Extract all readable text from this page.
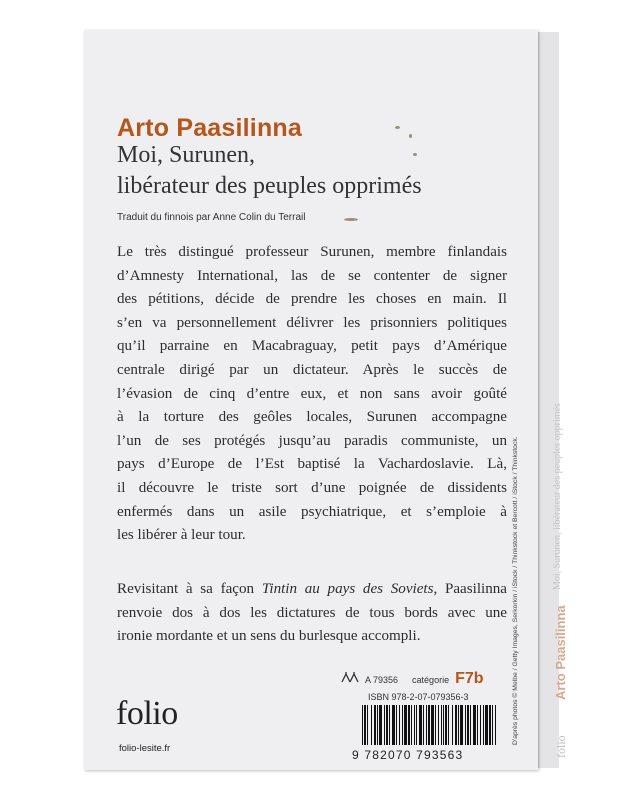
Moi, Surunen, libérateur des peuples opprimés
Arto Paasilinna
folio
Arto Paasilinna
Moi, Surunen,
libérateur des peuples opprimés
Traduit du finnois par Anne Colin du Terrail
Le très distingué professeur Surunen, membre finlandais
d’Amnesty International, las de se contenter de signer
des pétitions, décide de prendre les choses en main. Il
s’en va personnellement délivrer les prisonniers politiques
qu’il parraine en Macabraguay, petit pays d’Amérique
centrale dirigé par un dictateur. Après le succès de
l’évasion de cinq d’entre eux, et non sans avoir goûté
à la torture des geôles locales, Surunen accompagne
l’un de ses protégés jusqu’au paradis communiste, un
pays d’Europe de l’Est baptisé la Vachardoslavie. Là,
il découvre le triste sort d’une poignée de dissidents
enfermés dans un asile psychiatrique, et s’emploie à
les libérer à leur tour.
Revisitant à sa façon Tintin au pays des Soviets, Paasilinna
renvoie dos à dos les dictatures de tous bords avec une
ironie mordante et un sens du burlesque accompli.
A 79356 catégorie F7b
ISBN 978-2-07-079356-3
9 782070 793563
folio
folio-lesite.fr
D'après photos © Melbe / Getty Images, Serkorkin / iStock / Thinkstock et Bercott / iStock / Thinkstock.
